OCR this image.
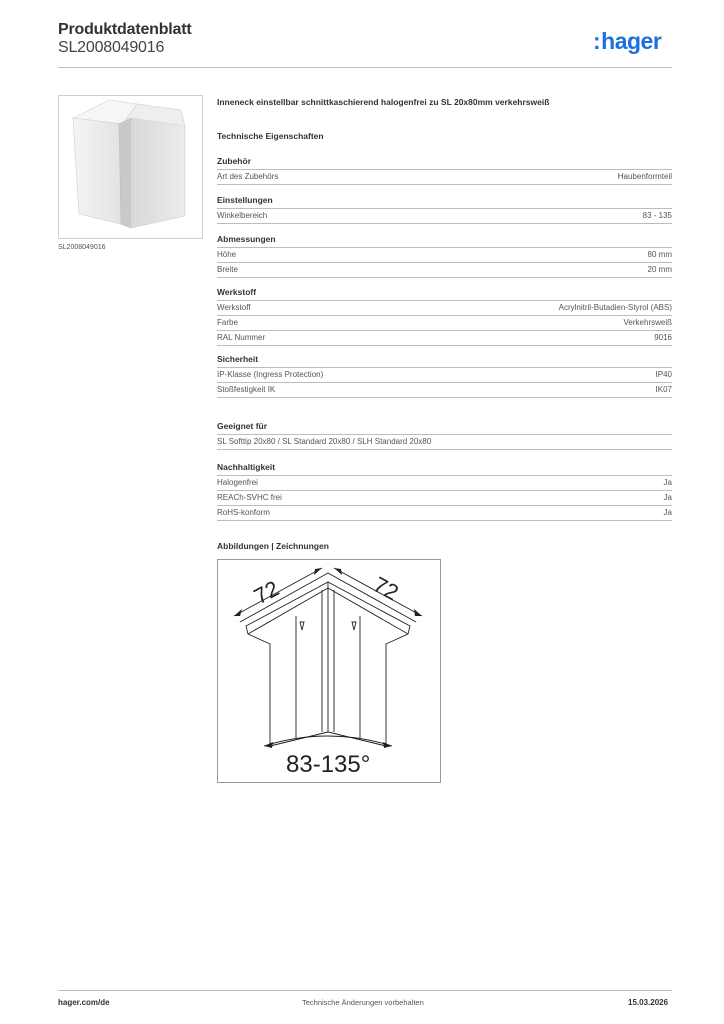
Produktdatenblatt
SL2008049016	:hager
SL2008049016
Inneneck einstellbar schnittkaschierend halogenfrei zu SL 20x80mm verkehrsweiß
Technische Eigenschaften
Zubehör
Art des Zubehörs	Haubenformteil
Einstellungen
Winkelbereich	83 - 135
Abmessungen
Höhe	80 mm
Breite	20 mm
Werkstoff
Werkstoff	Acrylnitril-Butadien-Styrol (ABS)
Farbe	Verkehrsweiß
RAL Nummer	9016
Sicherheit
IP-Klasse (Ingress Protection)	IP40
Stoßfestigkeit IK	IK07
Geeignet für
SL Softtip 20x80 / SL Standard 20x80 / SLH Standard 20x80
Nachhaltigkeit
Halogenfrei	Ja
REACh-SVHC frei	Ja
RoHS-konform	Ja
Abbildungen | Zeichnungen
72	72
83-135°
hager.com/de	Technische Änderungen vorbehalten	15.03.2026
